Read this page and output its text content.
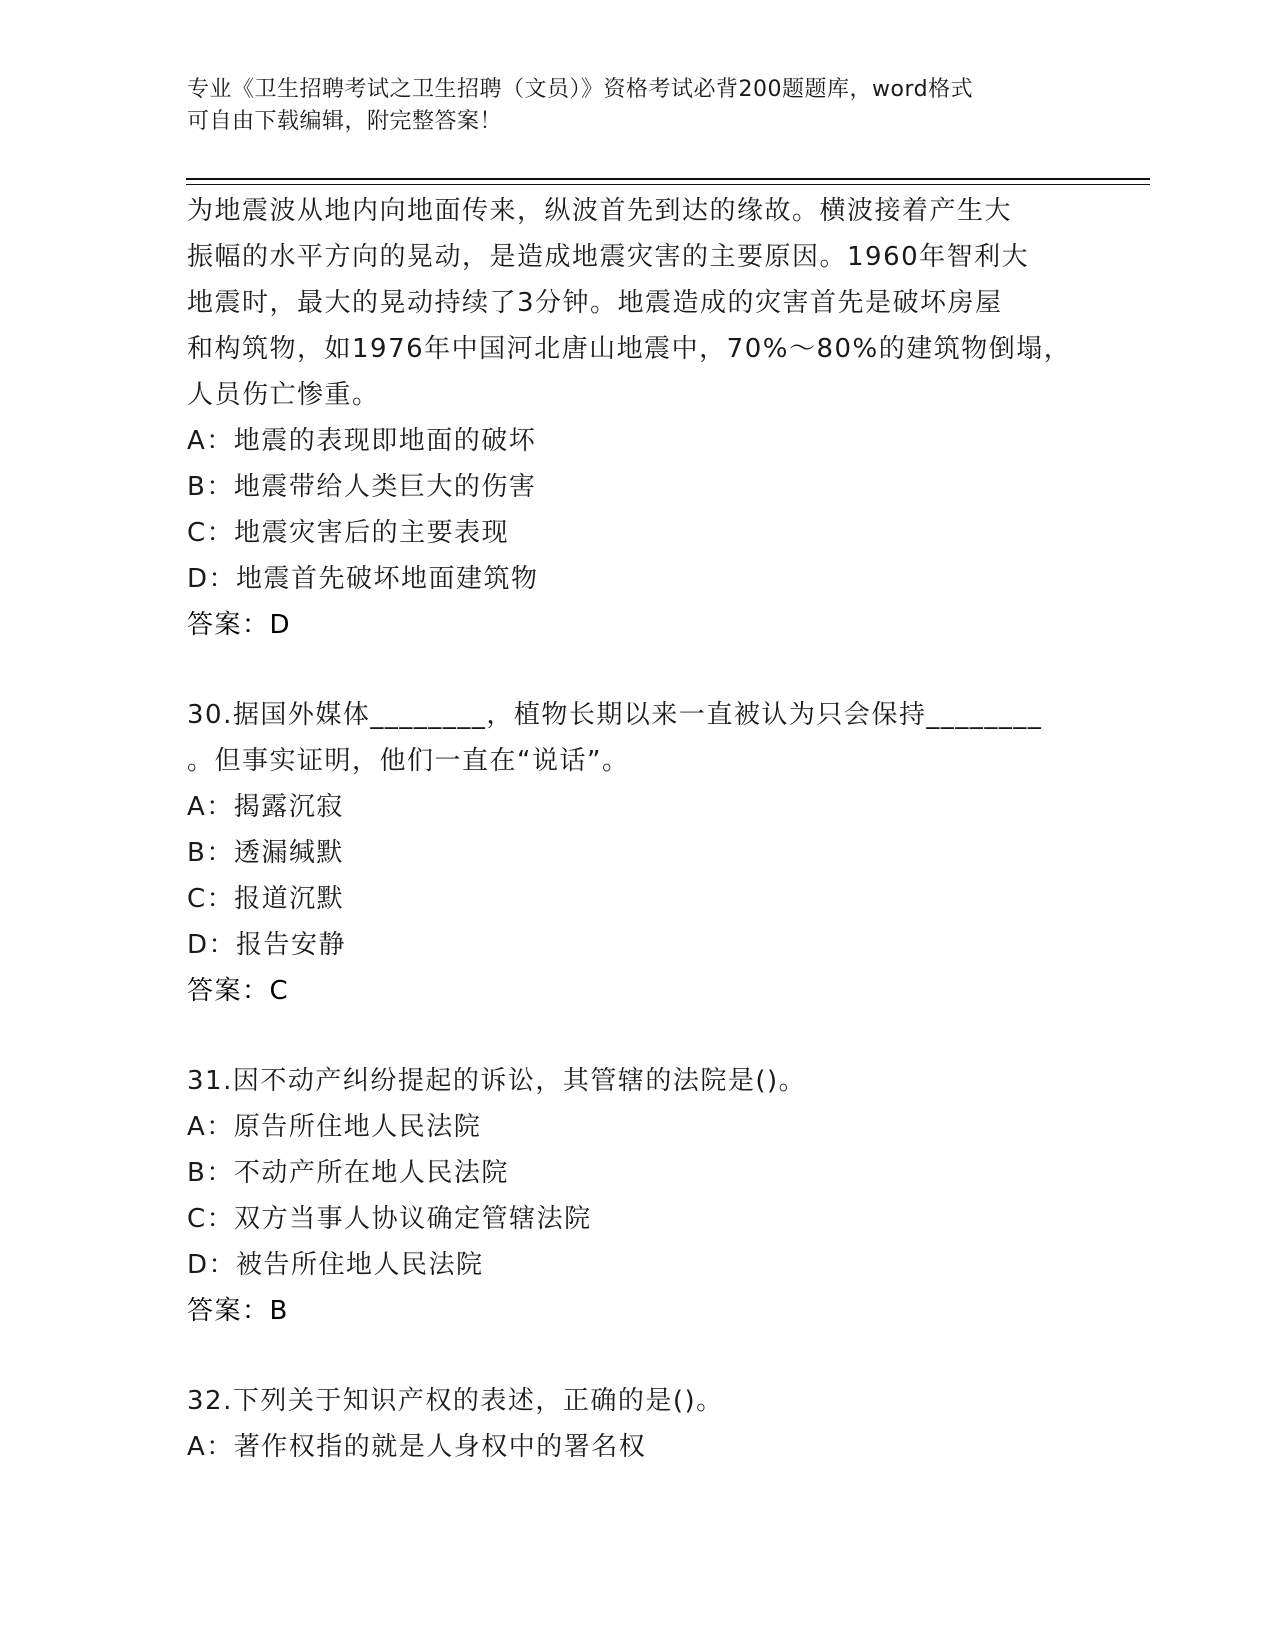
专业《卫生招聘考试之卫生招聘（文员）》资格考试必背200题题库，word格式
可自由下载编辑，附完整答案！
为地震波从地内向地面传来，纵波首先到达的缘故。横波接着产生大
振幅的水平方向的晃动，是造成地震灾害的主要原因。1960年智利大
地震时，最大的晃动持续了3分钟。地震造成的灾害首先是破坏房屋
和构筑物，如1976年中国河北唐山地震中，70%～80%的建筑物倒塌，
人员伤亡惨重。
A：地震的表现即地面的破坏
B：地震带给人类巨大的伤害
C：地震灾害后的主要表现
D：地震首先破坏地面建筑物
答案：D
30.据国外媒体________，植物长期以来一直被认为只会保持________
。但事实证明，他们一直在“说话”。
A：揭露沉寂
B：透漏缄默
C：报道沉默
D：报告安静
答案：C
31.因不动产纠纷提起的诉讼，其管辖的法院是()。
A：原告所住地人民法院
B：不动产所在地人民法院
C：双方当事人协议确定管辖法院
D：被告所住地人民法院
答案：B
32.下列关于知识产权的表述，正确的是()。
A：著作权指的就是人身权中的署名权
